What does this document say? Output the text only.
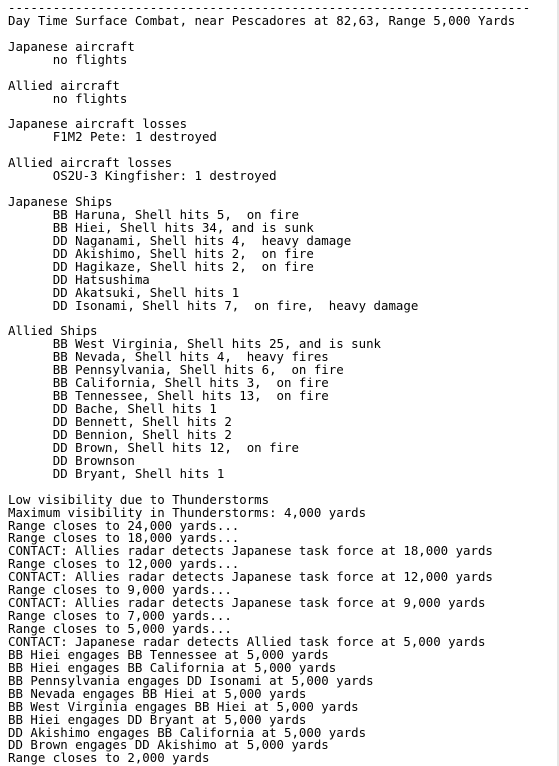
----------------------------------------------------------------------
Day Time Surface Combat, near Pescadores at 82,63, Range 5,000 Yards
Japanese aircraft
no flights
Allied aircraft
no flights
Japanese aircraft losses
F1M2 Pete: 1 destroyed
Allied aircraft losses
OS2U-3 Kingfisher: 1 destroyed
Japanese Ships
BB Haruna, Shell hits 5,  on fire
BB Hiei, Shell hits 34, and is sunk
DD Naganami, Shell hits 4,  heavy damage
DD Akishimo, Shell hits 2,  on fire
DD Hagikaze, Shell hits 2,  on fire
DD Hatsushima
DD Akatsuki, Shell hits 1
DD Isonami, Shell hits 7,  on fire,  heavy damage
Allied Ships
BB West Virginia, Shell hits 25, and is sunk
BB Nevada, Shell hits 4,  heavy fires
BB Pennsylvania, Shell hits 6,  on fire
BB California, Shell hits 3,  on fire
BB Tennessee, Shell hits 13,  on fire
DD Bache, Shell hits 1
DD Bennett, Shell hits 2
DD Bennion, Shell hits 2
DD Brown, Shell hits 12,  on fire
DD Brownson
DD Bryant, Shell hits 1
Low visibility due to Thunderstorms
Maximum visibility in Thunderstorms: 4,000 yards
Range closes to 24,000 yards...
Range closes to 18,000 yards...
CONTACT: Allies radar detects Japanese task force at 18,000 yards
Range closes to 12,000 yards...
CONTACT: Allies radar detects Japanese task force at 12,000 yards
Range closes to 9,000 yards...
CONTACT: Allies radar detects Japanese task force at 9,000 yards
Range closes to 7,000 yards...
Range closes to 5,000 yards...
CONTACT: Japanese radar detects Allied task force at 5,000 yards
BB Hiei engages BB Tennessee at 5,000 yards
BB Hiei engages BB California at 5,000 yards
BB Pennsylvania engages DD Isonami at 5,000 yards
BB Nevada engages BB Hiei at 5,000 yards
BB West Virginia engages BB Hiei at 5,000 yards
BB Hiei engages DD Bryant at 5,000 yards
DD Akishimo engages BB California at 5,000 yards
DD Brown engages DD Akishimo at 5,000 yards
Range closes to 2,000 yards
